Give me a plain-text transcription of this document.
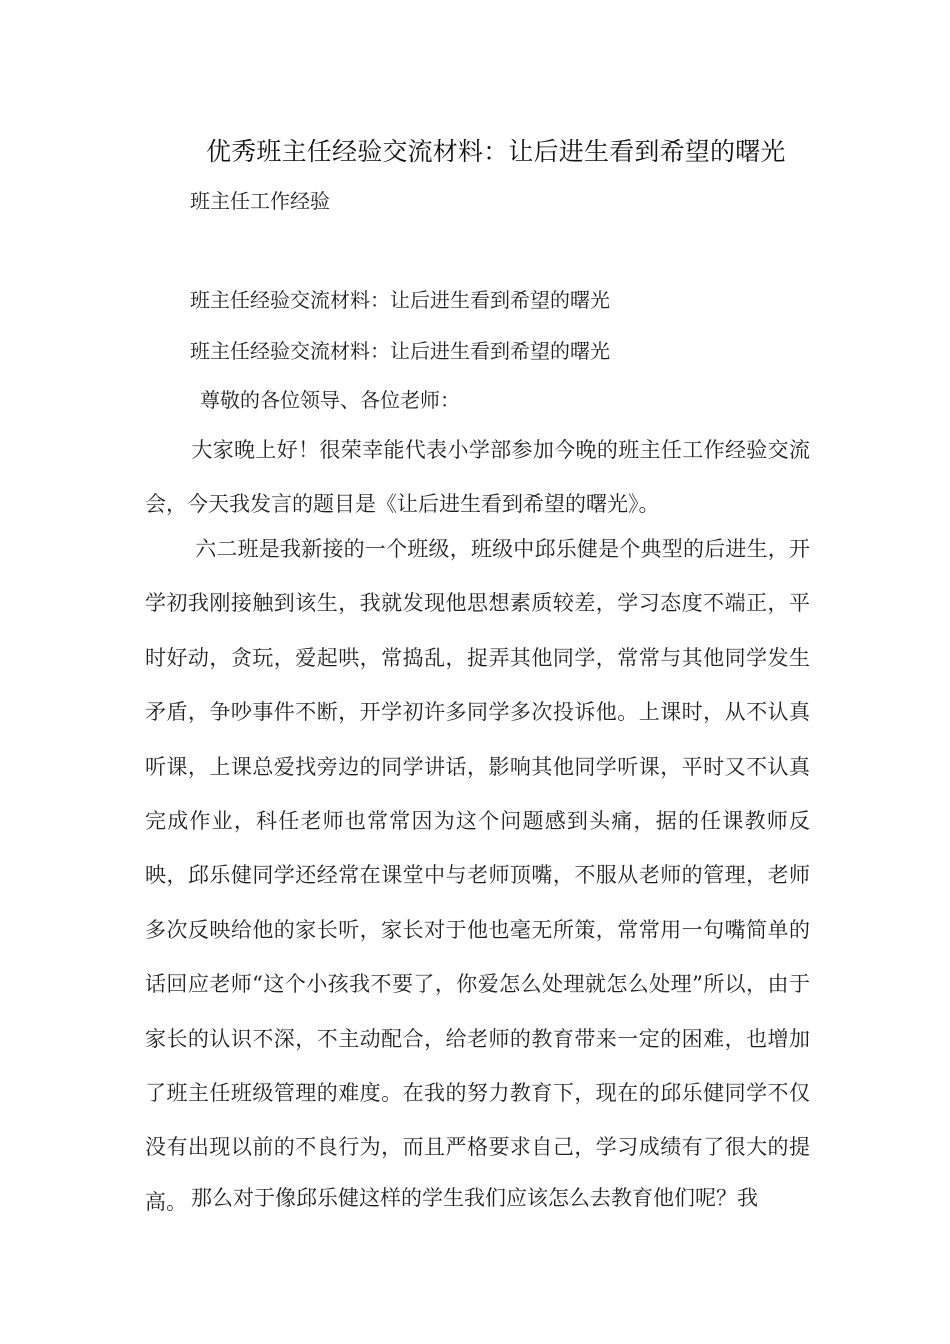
优秀班主任经验交流材料：让后进生看到希望的曙光
班主任工作经验
班主任经验交流材料：让后进生看到希望的曙光
班主任经验交流材料：让后进生看到希望的曙光
尊敬的各位领导、各位老师：
大家晚上好！很荣幸能代表小学部参加今晚的班主任工作经验交流会，今天我发言的题目是《让后进生看到希望的曙光》。
六二班是我新接的一个班级，班级中邱乐健是个典型的后进生，开学初我刚接触到该生，我就发现他思想素质较差，学习态度不端正，平时好动，贪玩，爱起哄，常捣乱，捉弄其他同学，常常与其他同学发生矛盾，争吵事件不断，开学初许多同学多次投诉他。上课时，从不认真听课，上课总爱找旁边的同学讲话，影响其他同学听课，平时又不认真完成作业，科任老师也常常因为这个问题感到头痛，据的任课教师反映，邱乐健同学还经常在课堂中与老师顶嘴，不服从老师的管理，老师多次反映给他的家长听，家长对于他也毫无所策，常常用一句嘴简单的话回应老师“这个小孩我不要了，你爱怎么处理就怎么处理”所以，由于家长的认识不深，不主动配合，给老师的教育带来一定的困难，也增加了班主任班级管理的难度。在我的努力教育下，现在的邱乐健同学不仅没有出现以前的不良行为，而且严格要求自己，学习成绩有了很大的提高。 那么对于像邱乐健这样的学生我们应该怎么去教育他们呢？我
